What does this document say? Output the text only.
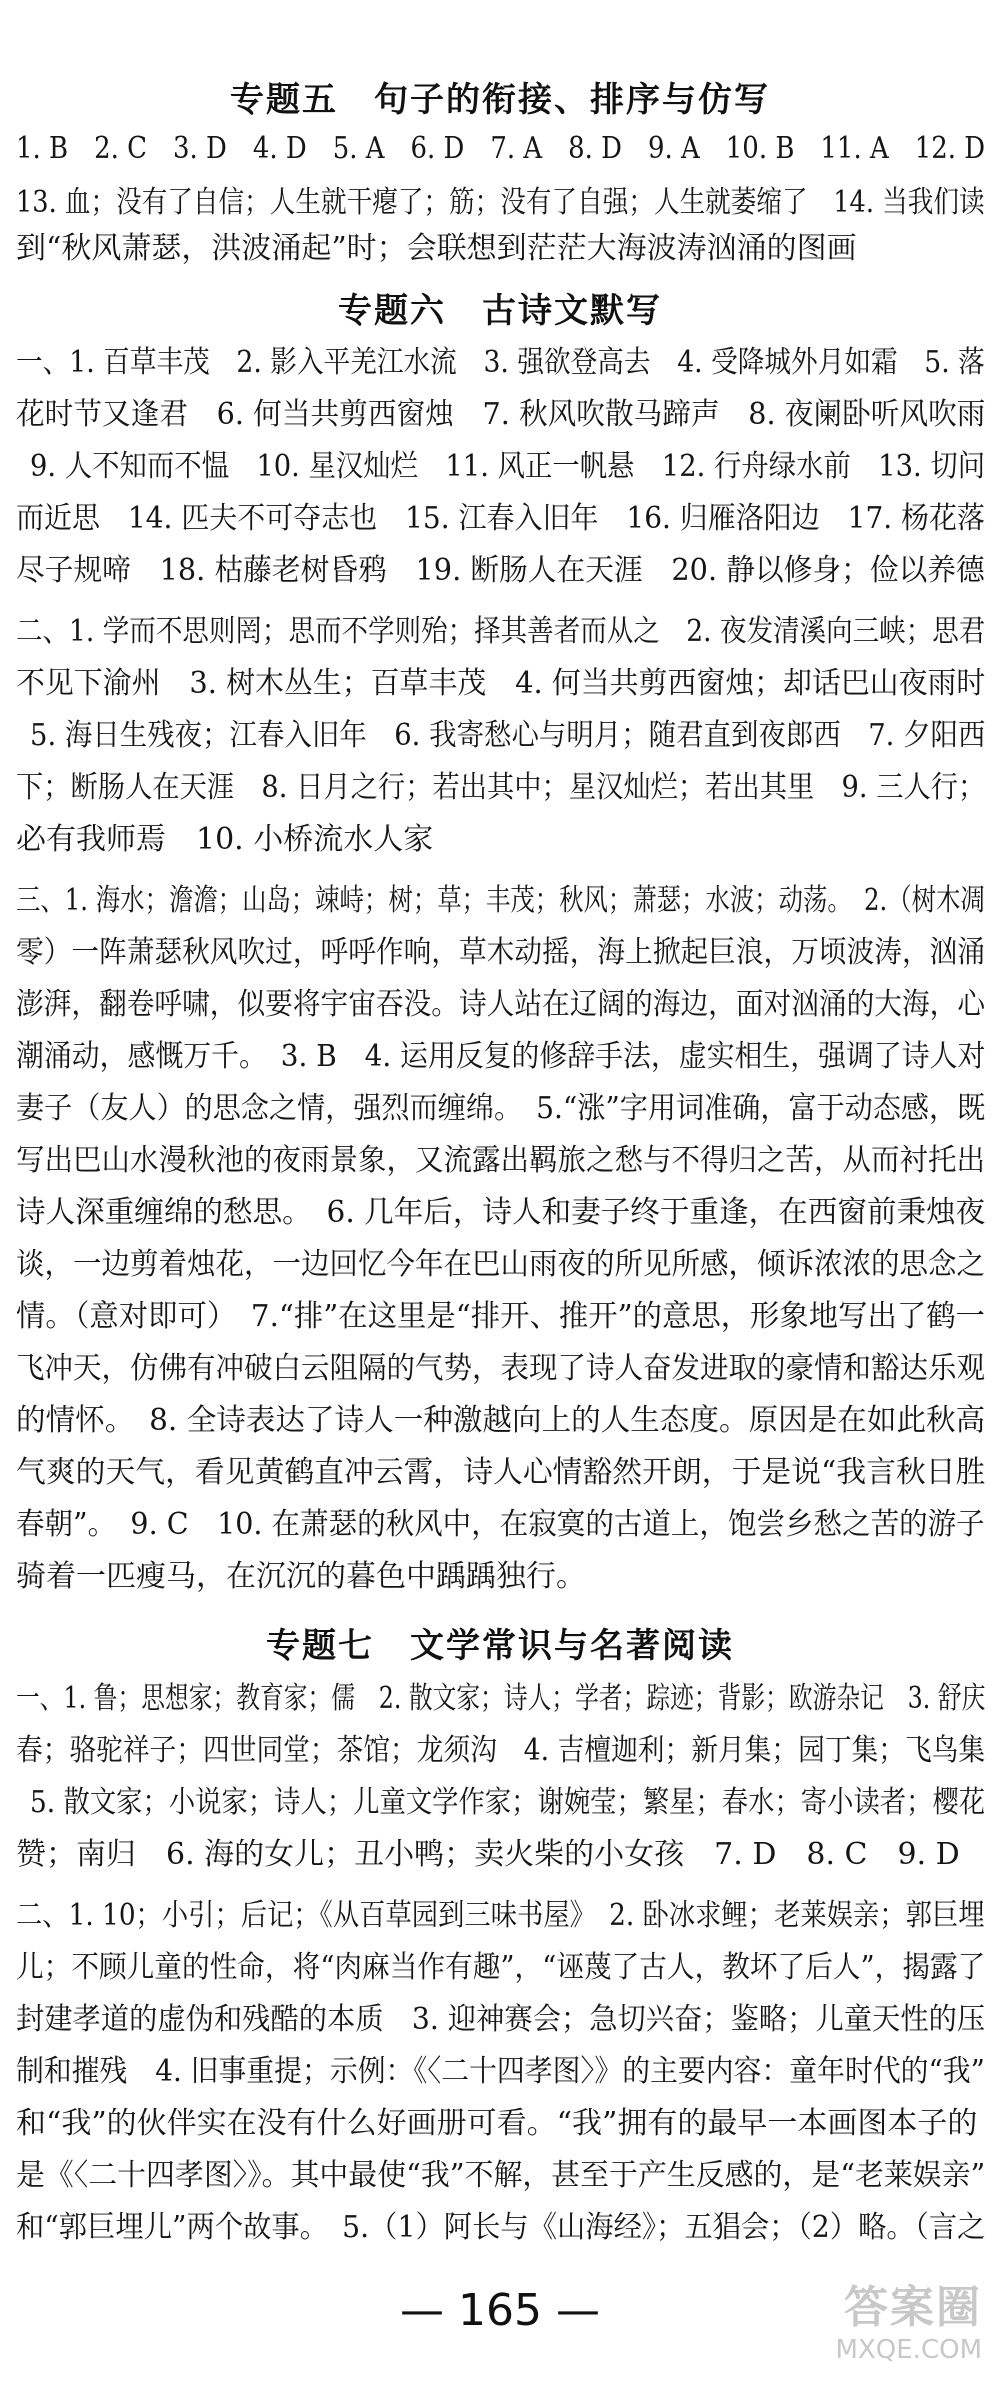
专题五　句子的衔接、排序与仿写
1. B　2. C　3. D　4. D　5. A　6. D　7. A　8. D　9. A　10. B　11. A　12. D
13. 血；没有了自信；人生就干瘪了；筋；没有了自强；人生就萎缩了　14. 当我们读
到“秋风萧瑟，洪波涌起”时；会联想到茫茫大海波涛汹涌的图画
专题六　古诗文默写
一、1. 百草丰茂　2. 影入平羌江水流　3. 强欲登高去　4. 受降城外月如霜　5. 落
花时节又逢君　6. 何当共剪西窗烛　7. 秋风吹散马蹄声　8. 夜阑卧听风吹雨
9. 人不知而不愠　10. 星汉灿烂　11. 风正一帆悬　12. 行舟绿水前　13. 切问
而近思　14. 匹夫不可夺志也　15. 江春入旧年　16. 归雁洛阳边　17. 杨花落
尽子规啼　18. 枯藤老树昏鸦　19. 断肠人在天涯　20. 静以修身；俭以养德
二、1. 学而不思则罔；思而不学则殆；择其善者而从之　2. 夜发清溪向三峡；思君
不见下渝州　3. 树木丛生；百草丰茂　4. 何当共剪西窗烛；却话巴山夜雨时
5. 海日生残夜；江春入旧年　6. 我寄愁心与明月；随君直到夜郎西　7. 夕阳西
下；断肠人在天涯　8. 日月之行；若出其中；星汉灿烂；若出其里　9. 三人行；
必有我师焉　10. 小桥流水人家
三、1. 海水；澹澹；山岛；竦峙；树；草；丰茂；秋风；萧瑟；水波；动荡。　2.（树木凋
零）一阵萧瑟秋风吹过，呼呼作响，草木动摇，海上掀起巨浪，万顷波涛，汹涌
澎湃，翻卷呼啸，似要将宇宙吞没。诗人站在辽阔的海边，面对汹涌的大海，心
潮涌动，感慨万千。　3. B　4. 运用反复的修辞手法，虚实相生，强调了诗人对
妻子（友人）的思念之情，强烈而缠绵。　5.“涨”字用词准确，富于动态感，既
写出巴山水漫秋池的夜雨景象，又流露出羁旅之愁与不得归之苦，从而衬托出
诗人深重缠绵的愁思。　6. 几年后，诗人和妻子终于重逢，在西窗前秉烛夜
谈，一边剪着烛花，一边回忆今年在巴山雨夜的所见所感，倾诉浓浓的思念之
情。（意对即可）　7.“排”在这里是“排开、推开”的意思，形象地写出了鹤一
飞冲天，仿佛有冲破白云阻隔的气势，表现了诗人奋发进取的豪情和豁达乐观
的情怀。　8. 全诗表达了诗人一种激越向上的人生态度。原因是在如此秋高
气爽的天气，看见黄鹤直冲云霄，诗人心情豁然开朗，于是说“我言秋日胜
春朝”。　9. C　10. 在萧瑟的秋风中，在寂寞的古道上，饱尝乡愁之苦的游子
骑着一匹瘦马，在沉沉的暮色中踽踽独行。
专题七　文学常识与名著阅读
一、1. 鲁；思想家；教育家；儒　2. 散文家；诗人；学者；踪迹；背影；欧游杂记　3. 舒庆
春；骆驼祥子；四世同堂；茶馆；龙须沟　4. 吉檀迦利；新月集；园丁集；飞鸟集
5. 散文家；小说家；诗人；儿童文学作家；谢婉莹；繁星；春水；寄小读者；樱花
赞；南归　6. 海的女儿；丑小鸭；卖火柴的小女孩　7. D　8. C　9. D
二、1. 10；小引；后记；《从百草园到三味书屋》　2. 卧冰求鲤；老莱娱亲；郭巨埋
儿；不顾儿童的性命，将“肉麻当作有趣”，“诬蔑了古人，教坏了后人”，揭露了
封建孝道的虚伪和残酷的本质　3. 迎神赛会；急切兴奋；鉴略；儿童天性的压
制和摧残　4. 旧事重提；示例：《〈二十四孝图〉》的主要内容：童年时代的“我”
和“我”的伙伴实在没有什么好画册可看。“我”拥有的最早一本画图本子的
是《〈二十四孝图〉》。其中最使“我”不解，甚至于产生反感的，是“老莱娱亲”
和“郭巨埋儿”两个故事。　5.（1）阿长与《山海经》；五猖会；（2）略。（言之
— 165 —	答案圈
MXQE.COM
